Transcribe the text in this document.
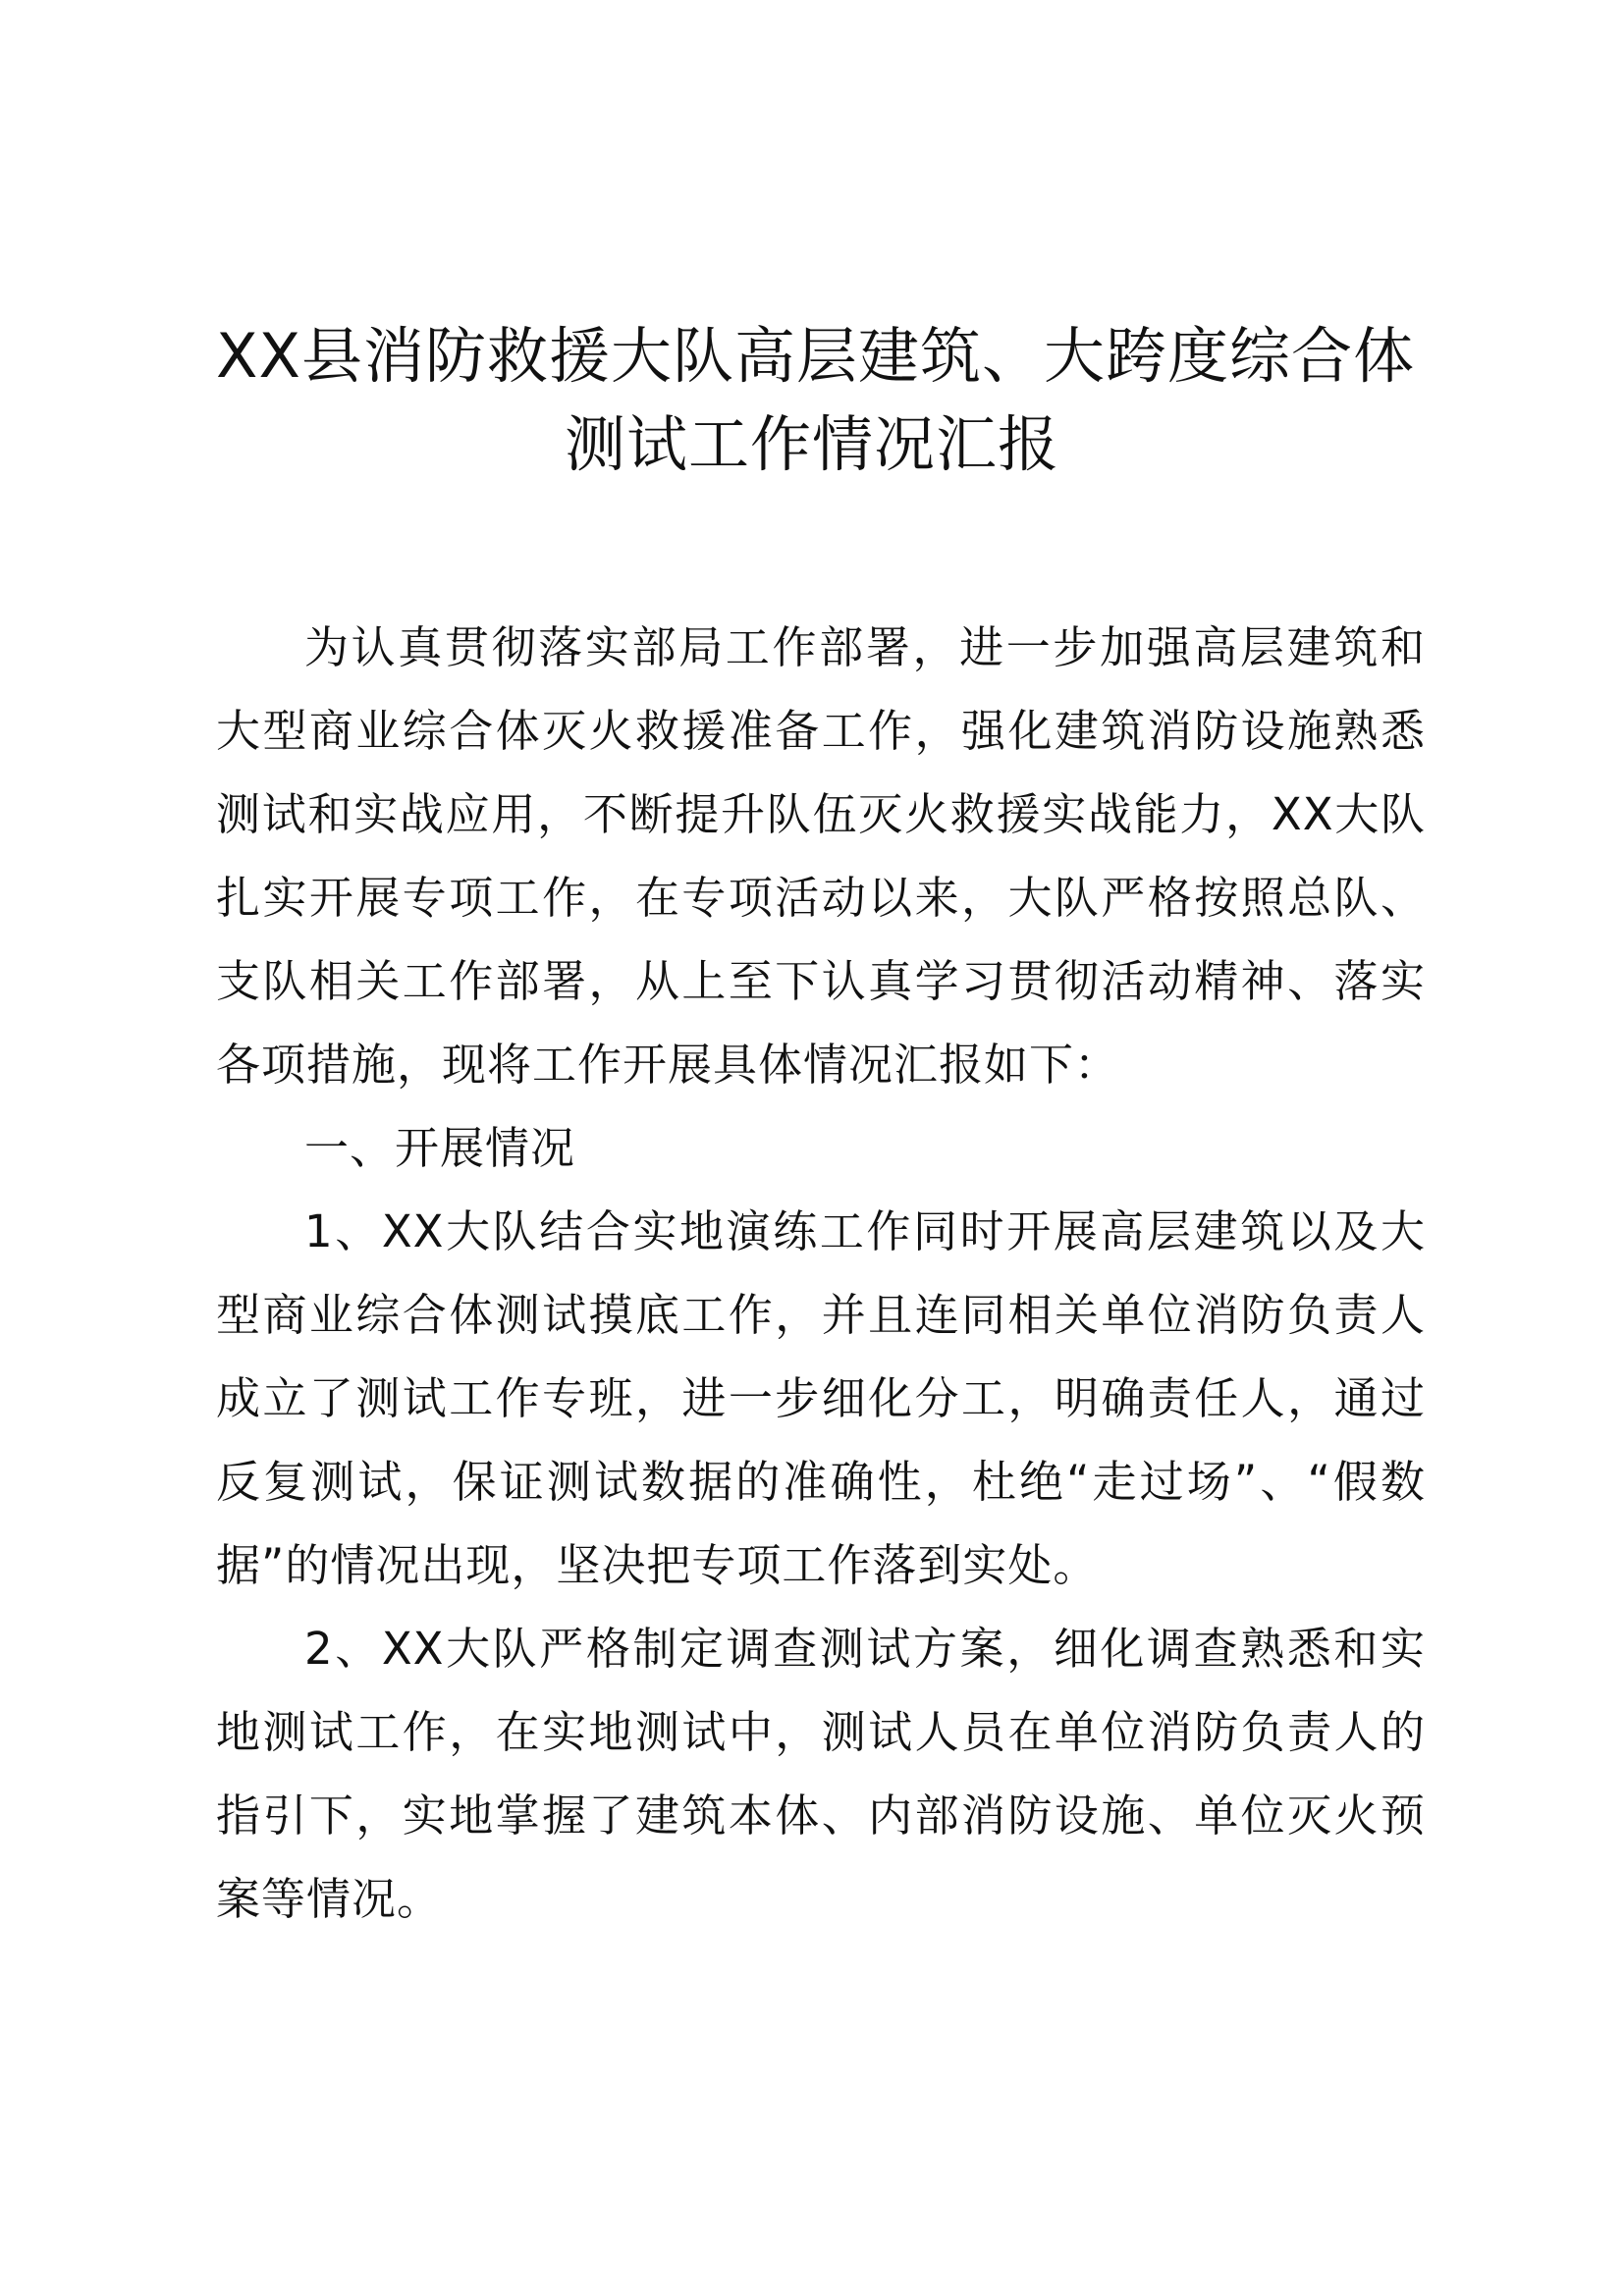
XX县消防救援大队高层建筑、大跨度综合体
测试工作情况汇报

为认真贯彻落实部局工作部署，进一步加强高层建筑和大型商业综合体灭火救援准备工作，强化建筑消防设施熟悉测试和实战应用，不断提升队伍灭火救援实战能力，XX大队扎实开展专项工作，在专项活动以来，大队严格按照总队、支队相关工作部署，从上至下认真学习贯彻活动精神、落实各项措施，现将工作开展具体情况汇报如下：

一、开展情况

1、XX大队结合实地演练工作同时开展高层建筑以及大型商业综合体测试摸底工作，并且连同相关单位消防负责人成立了测试工作专班，进一步细化分工，明确责任人，通过反复测试，保证测试数据的准确性，杜绝“走过场”、“假数据”的情况出现，坚决把专项工作落到实处。

2、XX大队严格制定调查测试方案，细化调查熟悉和实地测试工作，在实地测试中，测试人员在单位消防负责人的指引下，实地掌握了建筑本体、内部消防设施、单位灭火预案等情况。
